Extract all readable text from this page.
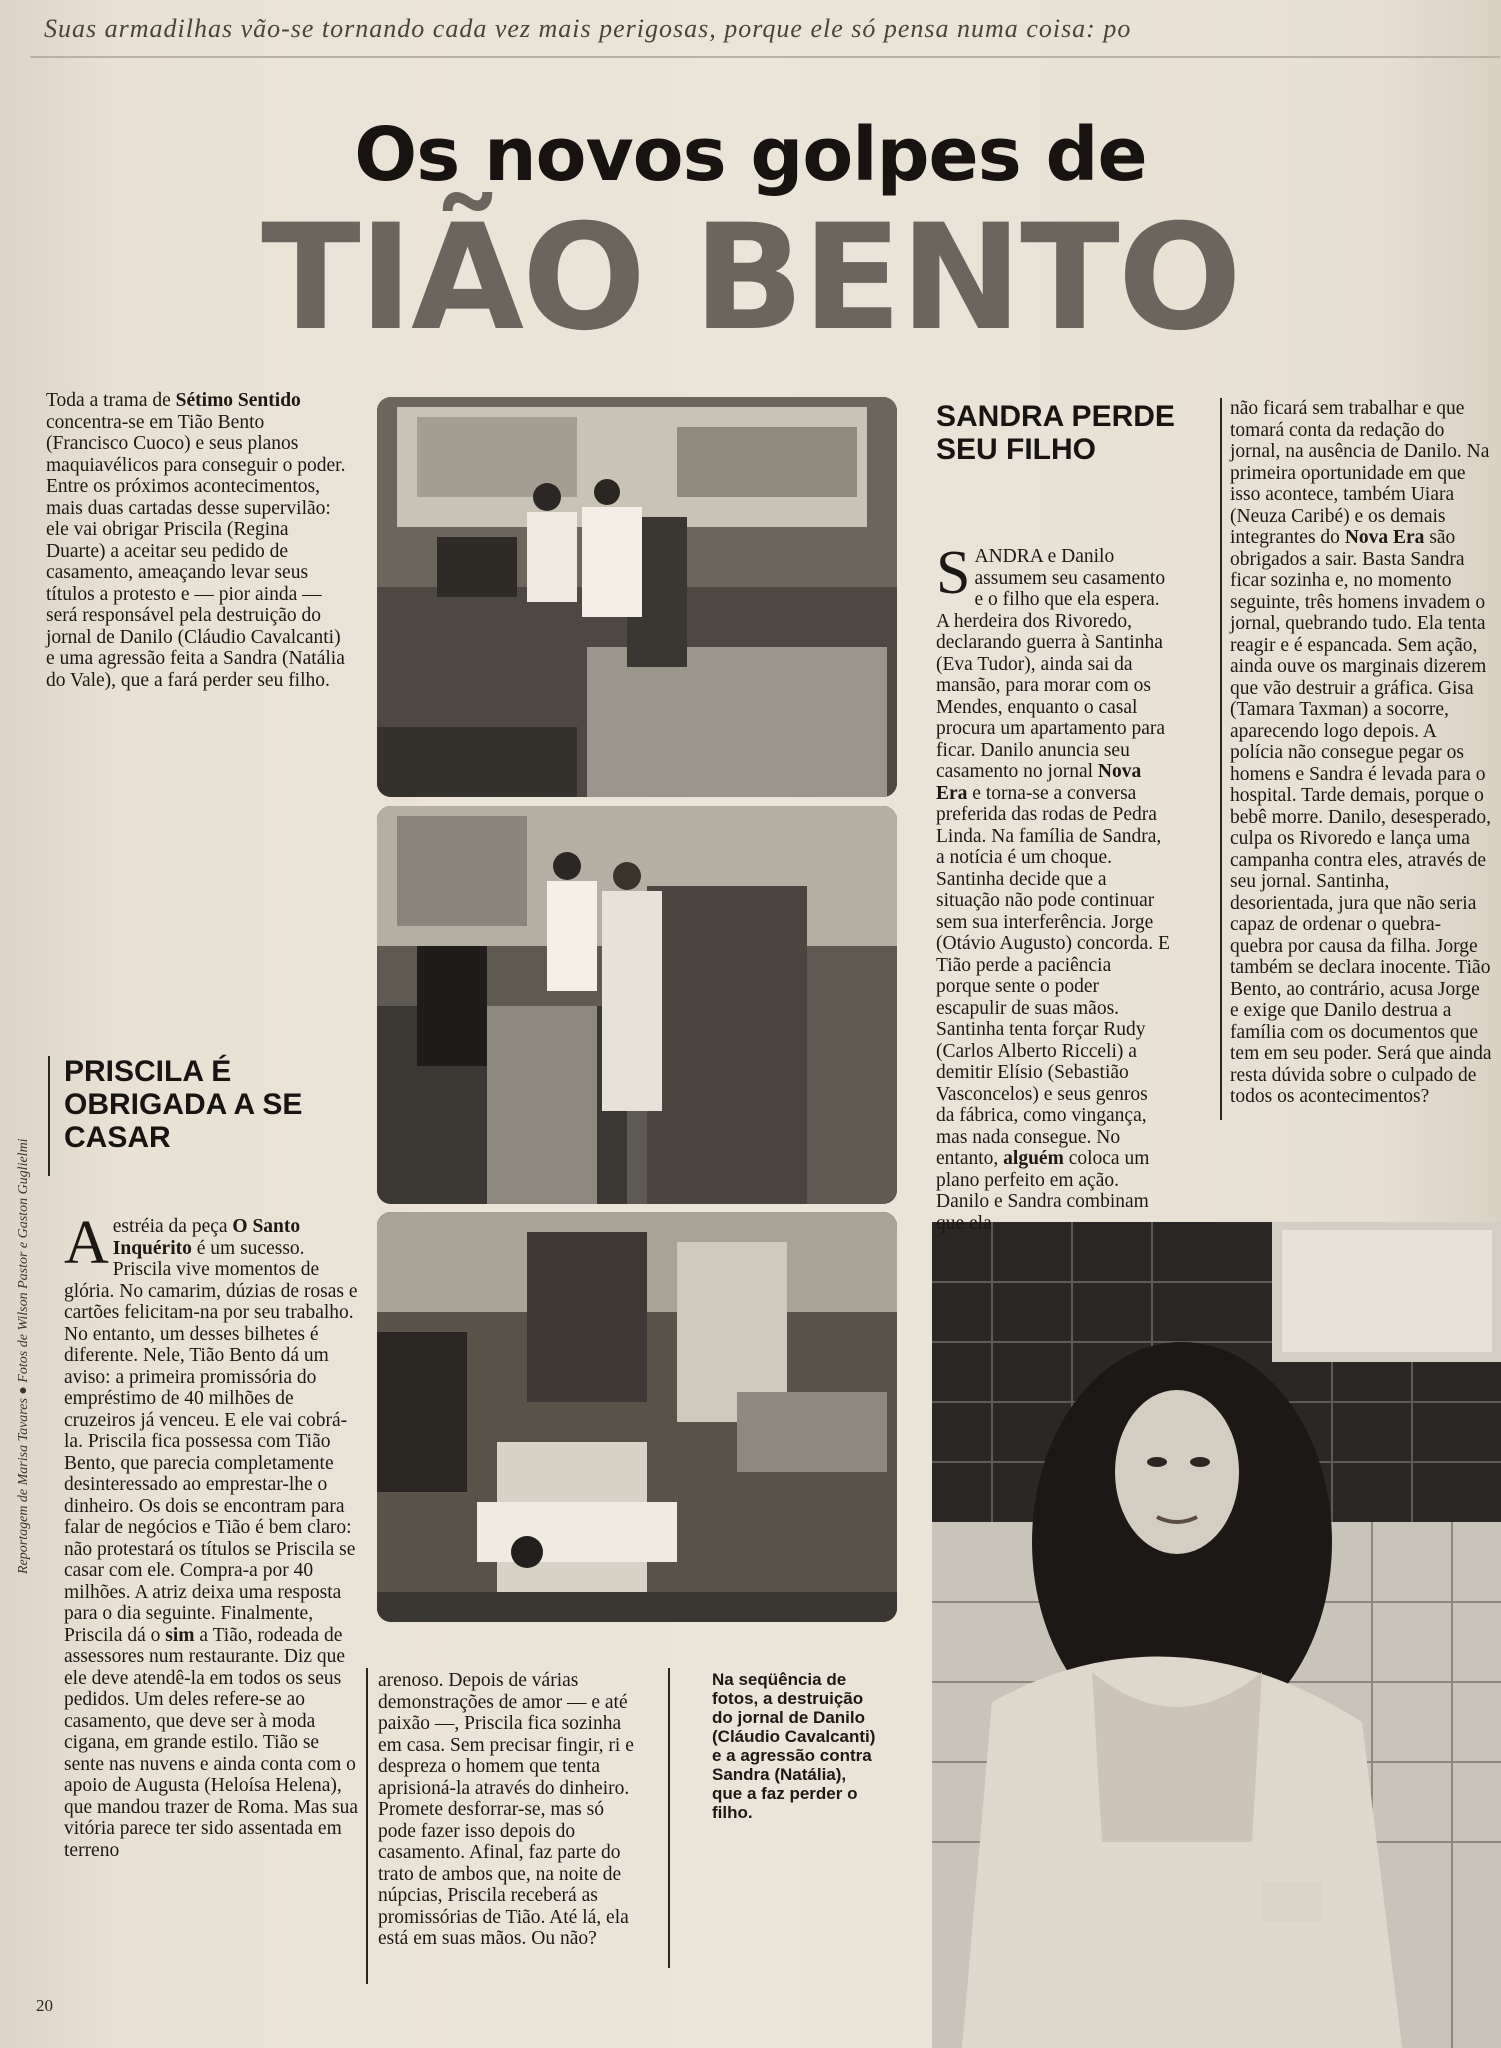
Suas armadilhas vão-se tornando cada vez mais perigosas, porque ele só pensa numa coisa: po
Os novos golpes de
TIÃO BENTO
Toda a trama de Sétimo Sentido concentra-se em Tião Bento (Francisco Cuoco) e seus planos maquiavélicos para conseguir o poder. Entre os próximos acontecimentos, mais duas cartadas desse supervilão: ele vai obrigar Priscila (Regina Duarte) a aceitar seu pedido de casamento, ameaçando levar seus títulos a protesto e — pior ainda — será responsável pela destruição do jornal de Danilo (Cláudio Cavalcanti) e uma agressão feita a Sandra (Natália do Vale), que a fará perder seu filho.
SANDRA PERDE SEU FILHO
SANDRA e Danilo assumem seu casamento e o filho que ela espera. A herdeira dos Rivoredo, declarando guerra à Santinha (Eva Tudor), ainda sai da mansão, para morar com os Mendes, enquanto o casal procura um apartamento para ficar. Danilo anuncia seu casamento no jornal Nova Era e torna-se a conversa preferida das rodas de Pedra Linda. Na família de Sandra, a notícia é um choque. Santinha decide que a situação não pode continuar sem sua interferência. Jorge (Otávio Augusto) concorda. E Tião perde a paciência porque sente o poder escapulir de suas mãos. Santinha tenta forçar Rudy (Carlos Alberto Ricceli) a demitir Elísio (Sebastião Vasconcelos) e seus genros da fábrica, como vingança, mas nada consegue. No entanto, alguém coloca um plano perfeito em ação. Danilo e Sandra combinam que ela
não ficará sem trabalhar e que tomará conta da redação do jornal, na ausência de Danilo. Na primeira oportunidade em que isso acontece, também Uiara (Neuza Caribé) e os demais integrantes do Nova Era são obrigados a sair. Basta Sandra ficar sozinha e, no momento seguinte, três homens invadem o jornal, quebrando tudo. Ela tenta reagir e é espancada. Sem ação, ainda ouve os marginais dizerem que vão destruir a gráfica. Gisa (Tamara Taxman) a socorre, aparecendo logo depois. A polícia não consegue pegar os homens e Sandra é levada para o hospital. Tarde demais, porque o bebê morre. Danilo, desesperado, culpa os Rivoredo e lança uma campanha contra eles, através de seu jornal. Santinha, desorientada, jura que não seria capaz de ordenar o quebra-quebra por causa da filha. Jorge também se declara inocente. Tião Bento, ao contrário, acusa Jorge e exige que Danilo destrua a família com os documentos que tem em seu poder. Será que ainda resta dúvida sobre o culpado de todos os acontecimentos?
PRISCILA É OBRIGADA A SE CASAR
Aestréia da peça O Santo Inquérito é um sucesso. Priscila vive momentos de glória. No camarim, dúzias de rosas e cartões felicitam-na por seu trabalho. No entanto, um desses bilhetes é diferente. Nele, Tião Bento dá um aviso: a primeira promissória do empréstimo de 40 milhões de cruzeiros já venceu. E ele vai cobrá-la. Priscila fica possessa com Tião Bento, que parecia completamente desinteressado ao emprestar-lhe o dinheiro. Os dois se encontram para falar de negócios e Tião é bem claro: não protestará os títulos se Priscila se casar com ele. Compra-a por 40 milhões. A atriz deixa uma resposta para o dia seguinte. Finalmente, Priscila dá o sim a Tião, rodeada de assessores num restaurante. Diz que ele deve atendê-la em todos os seus pedidos. Um deles refere-se ao casamento, que deve ser à moda cigana, em grande estilo. Tião se sente nas nuvens e ainda conta com o apoio de Augusta (Heloísa Helena), que mandou trazer de Roma. Mas sua vitória parece ter sido assentada em terreno
arenoso. Depois de várias demonstrações de amor — e até paixão —, Priscila fica sozinha em casa. Sem precisar fingir, ri e despreza o homem que tenta aprisioná-la através do dinheiro. Promete desforrar-se, mas só pode fazer isso depois do casamento. Afinal, faz parte do trato de ambos que, na noite de núpcias, Priscila receberá as promissórias de Tião. Até lá, ela está em suas mãos. Ou não?
Na seqüência de fotos, a destruição do jornal de Danilo (Cláudio Cavalcanti) e a agressão contra Sandra (Natália), que a faz perder o filho.
Reportagem de Marisa Tavares ● Fotos de Wilson Pastor e Gaston Guglielmi
20
